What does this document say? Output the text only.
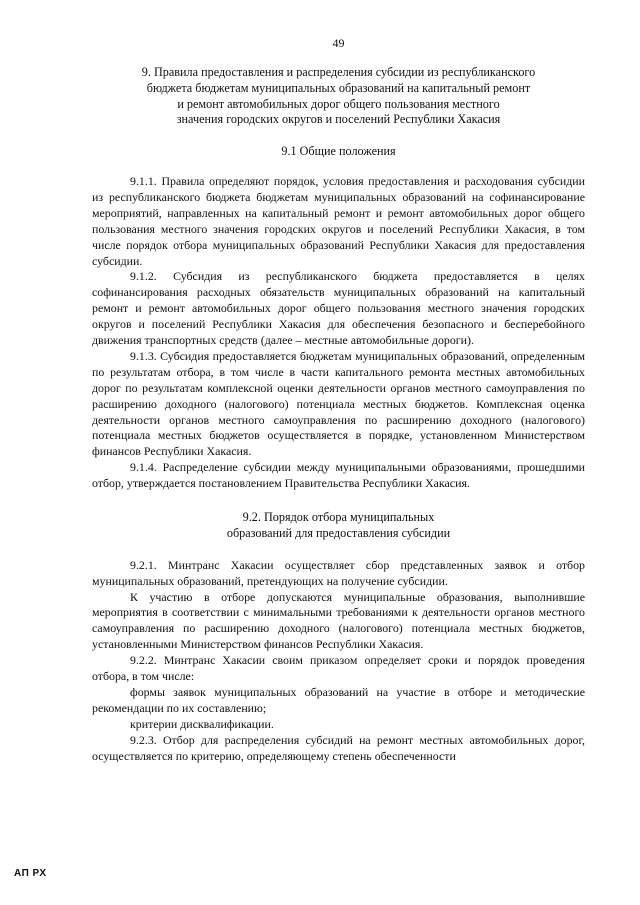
49

9. Правила предоставления и распределения субсидии из республиканского

бюджета бюджетам муниципальных образований на капитальный ремонт

и ремонт автомобильных дорог общего пользования местного

значения городских округов и поселений Республики Хакасия

9.1 Общие положения

9.1.1. Правила определяют порядок, условия предоставления и расходования субсидии из республиканского бюджета бюджетам муниципальных образований на софинансирование мероприятий, направленных на капитальный ремонт и ремонт автомобильных дорог общего пользования местного значения городских округов и поселений Республики Хакасия, в том числе порядок отбора муниципальных образований Республики Хакасия для предоставления субсидии.

9.1.2. Субсидия из республиканского бюджета предоставляется в целях софинансирования расходных обязательств муниципальных образований на капитальный ремонт и ремонт автомобильных дорог общего пользования местного значения городских округов и поселений Республики Хакасия для обеспечения безопасного и бесперебойного движения транспортных средств (далее – местные автомобильные дороги).

9.1.3. Субсидия предоставляется бюджетам муниципальных образований, определенным по результатам отбора, в том числе в части капитального ремонта местных автомобильных дорог по результатам комплексной оценки деятельности органов местного самоуправления по расширению доходного (налогового) потенциала местных бюджетов. Комплексная оценка деятельности органов местного самоуправления по расширению доходного (налогового) потенциала местных бюджетов осуществляется в порядке, установленном Министерством финансов Республики Хакасия.

9.1.4. Распределение субсидии между муниципальными образованиями, прошедшими отбор, утверждается постановлением Правительства Республики Хакасия.

9.2. Порядок отбора муниципальных
образований для предоставления субсидии

9.2.1. Минтранс Хакасии осуществляет сбор представленных заявок и отбор муниципальных образований, претендующих на получение субсидии.

К участию в отборе допускаются муниципальные образования, выполнившие мероприятия в соответствии с минимальными требованиями к деятельности органов местного самоуправления по расширению доходного (налогового) потенциала местных бюджетов, установленными Министерством финансов Республики Хакасия.

9.2.2. Минтранс Хакасии своим приказом определяет сроки и порядок проведения отбора, в том числе:

формы заявок муниципальных образований на участие в отборе и методические рекомендации по их составлению;

критерии дисквалификации.

9.2.3. Отбор для распределения субсидий на ремонт местных автомобильных дорог, осуществляется по критерию, определяющему степень обеспеченности

АП РХ
